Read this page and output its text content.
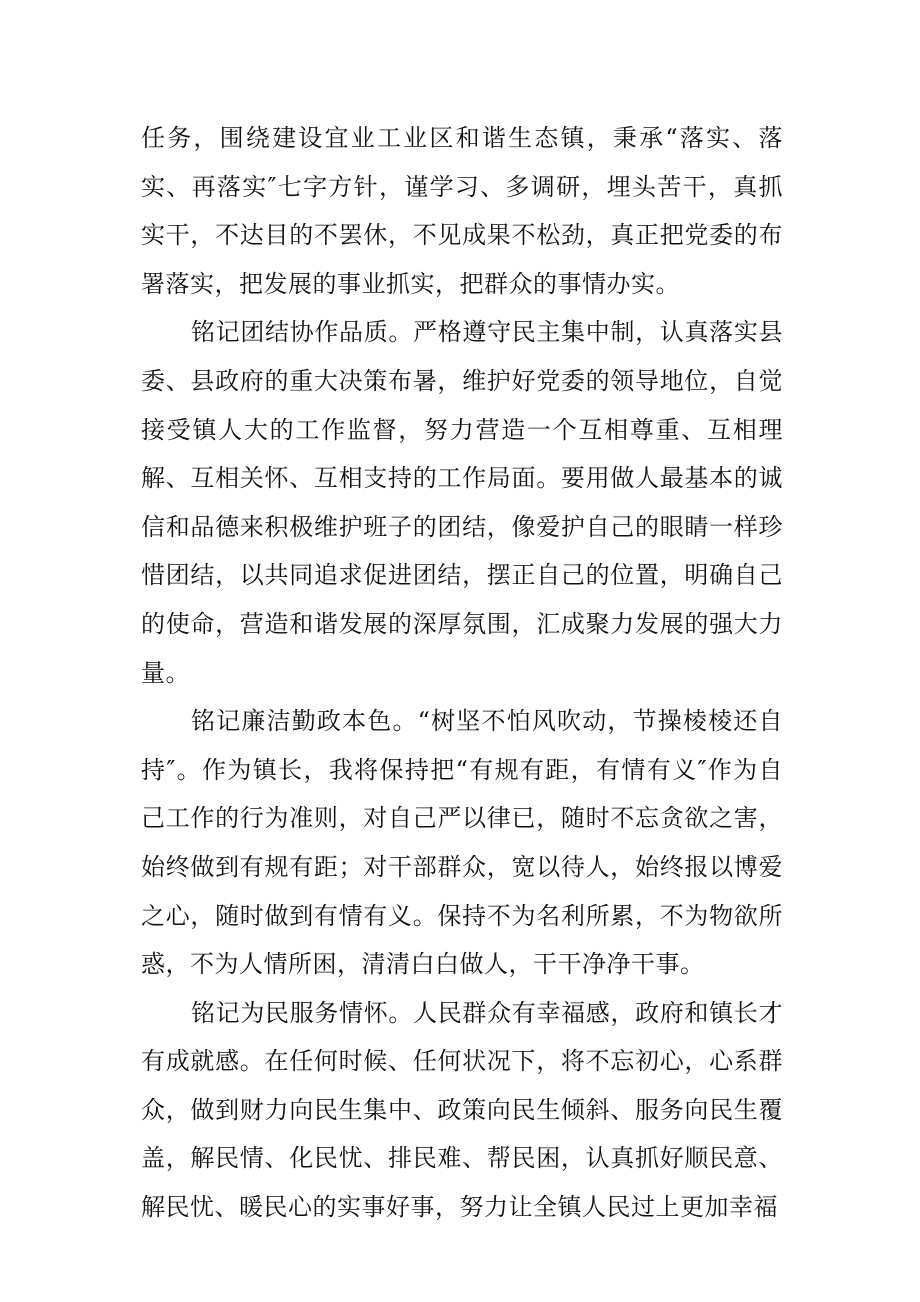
任务，围绕建设宜业工业区和谐生态镇，秉承“落实、落实、再落实″七字方针，谨学习、多调研，埋头苦干，真抓实干，不达目的不罢休，不见成果不松劲，真正把党委的布署落实，把发展的事业抓实，把群众的事情办实。

铭记团结协作品质。严格遵守民主集中制，认真落实县委、县政府的重大决策布暑，维护好党委的领导地位，自觉接受镇人大的工作监督，努力营造一个互相尊重、互相理解、互相关怀、互相支持的工作局面。要用做人最基本的诚信和品德来积极维护班子的团结，像爱护自己的眼睛一样珍惜团结，以共同追求促进团结，摆正自己的位置，明确自己的使命，营造和谐发展的深厚氛围，汇成聚力发展的强大力量。

铭记廉洁勤政本色。“树坚不怕风吹动，节操棱棱还自持″。作为镇长，我将保持把“有规有距，有情有义″作为自己工作的行为准则，对自己严以律已，随时不忘贪欲之害，始终做到有规有距；对干部群众，宽以待人，始终报以博爱之心，随时做到有情有义。保持不为名利所累，不为物欲所惑，不为人情所困，清清白白做人，干干净净干事。

铭记为民服务情怀。人民群众有幸福感，政府和镇长才有成就感。在任何时候、任何状况下，将不忘初心，心系群众，做到财力向民生集中、政策向民生倾斜、服务向民生覆盖，解民情、化民忧、排民难、帮民困，认真抓好顺民意、解民忧、暖民心的实事好事，努力让全镇人民过上更加幸福
